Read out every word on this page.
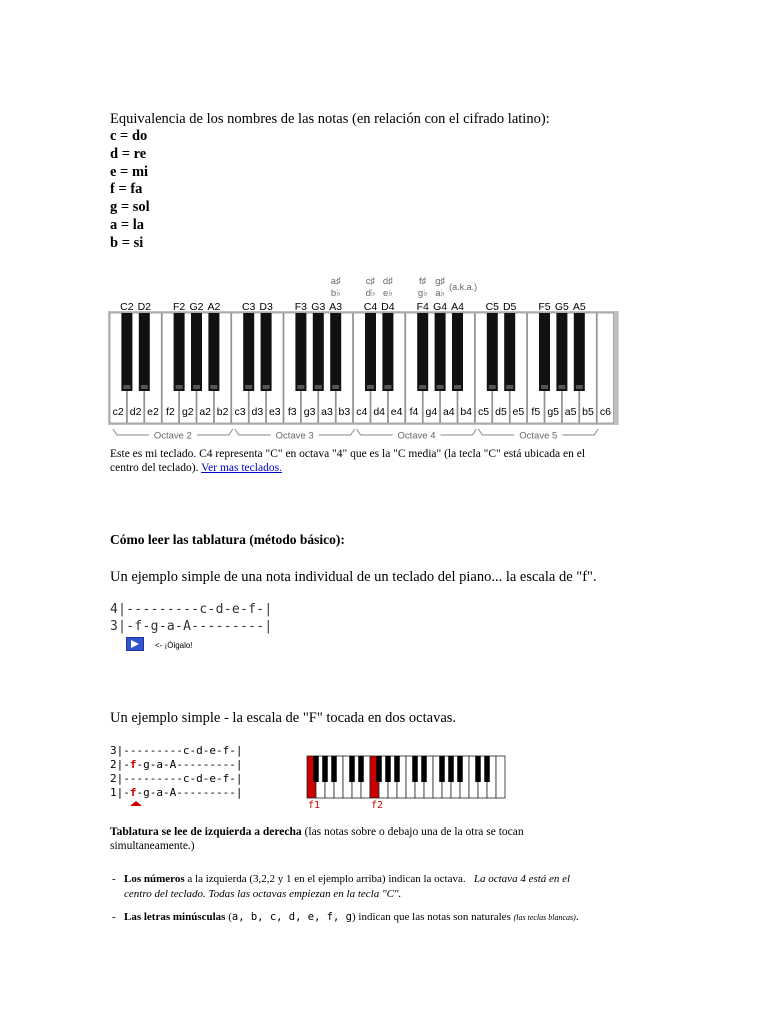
Equivalencia de los nombres de las notas (en relación con el cifrado latino):
c = do
d = re
e = mi
f = fa
g = sol
a = la
b = si
c2 d2 e2 f2 g2 a2 b2 c3 d3 e3 f3 g3 a3 b3 c4 d4 e4 f4 g4 a4 b4 c5 d5 e5 f5 g5 a5 b5 c6
C2 D2 F2 G2 A2 C3 D3 F3 G3 A3 C4 D4 F4 G4 A4 C5 D5 F5 G5 A5
a♯
b♭
c♯
d♭
d♯
e♭
f♯
g♭
g♯
a♭
(a.k.a.)
Octave 2	Octave 3	Octave 4	Octave 5
Este es mi teclado. C4 representa "C" en octava "4" que es la "C media" (la tecla "C" está ubicada en el
centro del teclado). Ver mas teclados.
Cómo leer las tablatura (método básico):
Un ejemplo simple de una nota individual de un teclado del piano... la escala de "f".
4|---------c-d-e-f-|
3|-f-g-a-A---------|
<- ¡Óigalo!
Un ejemplo simple - la escala de "F" tocada en dos octavas.
3|---------c-d-e-f-|
2|-f-g-a-A---------|
2|---------c-d-e-f-|
1|-f-g-a-A---------|
f1	f2
Tablatura se lee de izquierda a derecha (las notas sobre o debajo una de la otra se tocan
simultaneamente.)
- Los números a la izquierda (3,2,2 y 1 en el ejemplo arriba) indican la octava. La octava 4 está en el
centro del teclado. Todas las octavas empiezan en la tecla "C".
- Las letras minúsculas (a, b, c, d, e, f, g) indican que las notas son naturales (las teclas blancas).
